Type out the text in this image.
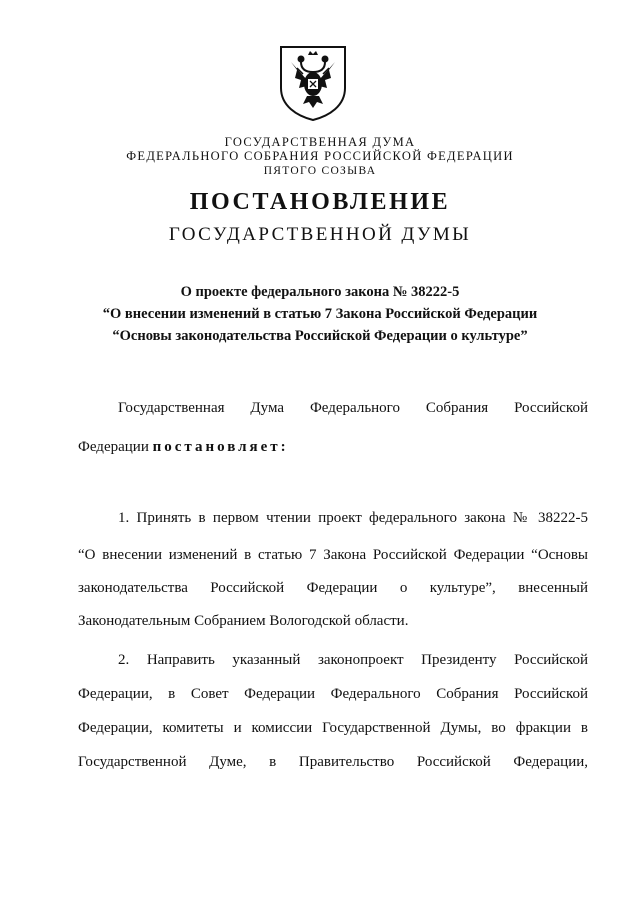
ГОСУДАРСТВЕННАЯ ДУМА
ФЕДЕРАЛЬНОГО СОБРАНИЯ РОССИЙСКОЙ ФЕДЕРАЦИИ
ПЯТОГО СОЗЫВА
ПОСТАНОВЛЕНИЕ
ГОСУДАРСТВЕННОЙ ДУМЫ
О проекте федерального закона № 38222-5
“О внесении изменений в статью 7 Закона Российской Федерации
“Основы законодательства Российской Федерации о культуре”
Государственная Дума Федерального Собрания Российской
Федерации постановляет:
1. Принять в первом чтении проект федерального закона № 38222-5
“О внесении изменений в статью 7 Закона Российской Федерации “Основы
законодательства Российской Федерации о культуре”, внесенный
Законодательным Собранием Вологодской области.
2. Направить указанный законопроект Президенту Российской
Федерации, в Совет Федерации Федерального Собрания Российской
Федерации, комитеты и комиссии Государственной Думы, во фракции в
Государственной Думе, в Правительство Российской Федерации,
